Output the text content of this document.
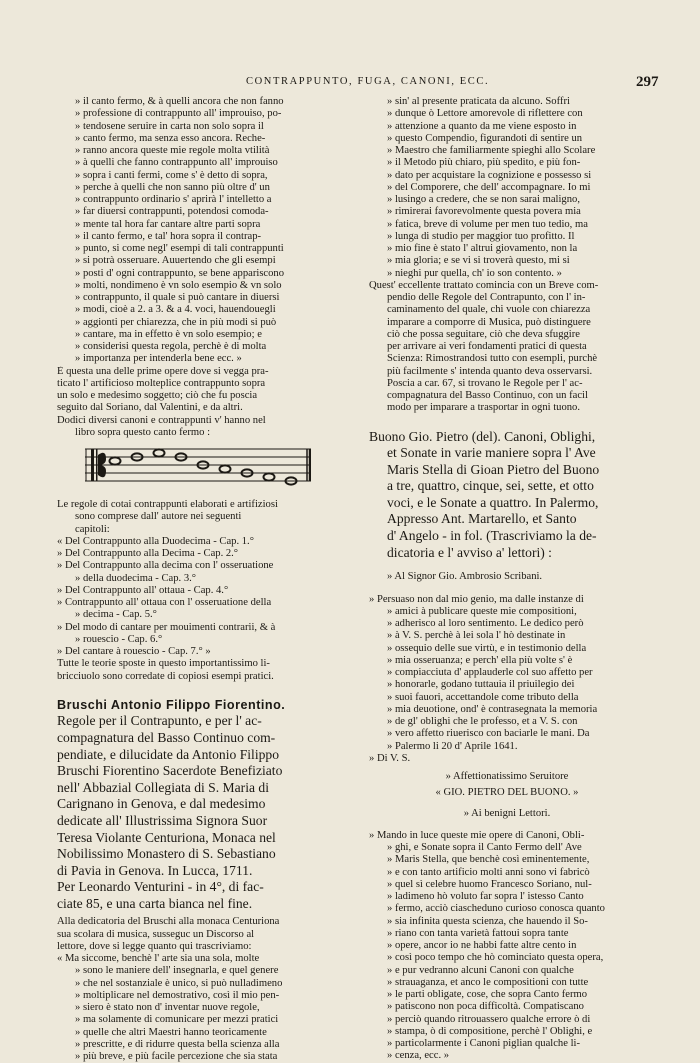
CONTRAPPUNTO, FUGA, CANONI, ECC.	297
» il canto fermo, & à quelli ancora che non fanno
» professione di contrappunto all' improuiso, po-
» tendosene seruire in carta non solo sopra il
» canto fermo, ma senza esso ancora. Reche-
» ranno ancora queste mie regole molta vtilità
» à quelli che fanno contrappunto all' improuiso
» sopra i canti fermi, come s' è detto di sopra,
» perche à quelli che non sanno più oltre d' un
» contrappunto ordinario s' aprirà l' intelletto a
» far diuersi contrappunti, potendosi comoda-
» mente tal hora far cantare altre parti sopra
» il canto fermo, e tal' hora sopra il contrap-
» punto, si come negl' esempi di tali contrappunti
» si potrà osseruare. Auuertendo che gli esempi
» posti d' ogni contrappunto, se bene appariscono
» molti, nondimeno è vn solo esempio & vn solo
» contrappunto, il quale si può cantare in diuersi
» modi, cioè a 2. a 3. & a 4. voci, hauendouegli
» aggionti per chiarezza, che in più modi si può
» cantare, ma in effetto è vn solo esempio; e
» considerisi questa regola, perchè è di molta
» importanza per intenderla bene ecc. »
È questa una delle prime opere dove si vegga pra-
ticato l' artificioso molteplice contrappunto sopra
un solo e medesimo soggetto; ciò che fu poscia
seguito dal Soriano, dal Valentini, e da altri.
Dodici diversi canoni e contrappunti v' hanno nel
libro sopra questo canto fermo :
Le regole di cotai contrappunti elaborati e artifiziosi
sono comprese dall' autore nei seguenti
capitoli:
« Del Contrappunto alla Duodecima - Cap. 1.°
» Del Contrappunto alla Decima - Cap. 2.°
» Del Contrappunto alla decima con l' osseruatione
» della duodecima - Cap. 3.°
» Del Contrappunto all' ottaua - Cap. 4.°
» Contrappunto all' ottaua con l' osseruatione della
» decima - Cap. 5.°
» Del modo di cantare per mouimenti contrarii, & à
» rouescio - Cap. 6.°
» Del cantare à rouescio - Cap. 7.° »
Tutte le teorie sposte in questo importantissimo li-
bricciuolo sono corredate di copiosi esempi pratici.
Bruschi Antonio Filippo Fiorentino.
Regole per il Contrapunto, e per l' ac-
compagnatura del Basso Continuo com-
pendiate, e dilucidate da Antonio Filippo
Bruschi Fiorentino Sacerdote Benefiziato
nell' Abbazial Collegiata di S. Maria di
Carignano in Genova, e dal medesimo
dedicate all' Illustrissima Signora Suor
Teresa Violante Centuriona, Monaca nel
Nobilissimo Monastero di S. Sebastiano
di Pavia in Genova. In Lucca, 1711.
Per Leonardo Venturini - in 4°, di fac-
ciate 85, e una carta bianca nel fine.
Alla dedicatoria del Bruschi alla monaca Centuriona
sua scolara di musica, susseguc un Discorso al
lettore, dove si legge quanto qui trascriviamo:
« Ma siccome, benchè l' arte sia una sola, molte
» sono le maniere dell' insegnarla, e quel genere
» che nel sostanziale è unico, si può nulladimeno
» moltiplicare nel demostrativo, così il mio pen-
» siero è stato non d' inventar nuove regole,
» ma solamente di comunicare per mezzi pratici
» quelle che altri Maestri hanno teoricamente
» prescritte, e di ridurre questa bella scienza alla
» più breve, e più facile percezione che sia stata
» sin' al presente praticata da alcuno. Soffri
» dunque ò Lettore amorevole di riflettere con
» attenzione a quanto da me viene esposto in
» questo Compendio, figurandoti di sentire un
» Maestro che familiarmente spieghi allo Scolare
» il Metodo più chiaro, più spedito, e più fon-
» dato per acquistare la cognizione e possesso si
» del Comporere, che dell' accompagnare. Io mi
» lusingo a credere, che se non sarai maligno,
» rimirerai favorevolmente questa povera mia
» fatica, breve di volume per men tuo tedio, ma
» lunga di studio per maggior tuo profitto. Il
» mio fine è stato l' altrui giovamento, non la
» mia gloria; e se vi si troverà questo, mi si
» nieghi pur quella, ch' io son contento. »
Quest' eccellente trattato comincia con un Breve com-
pendio delle Regole del Contrapunto, con l' in-
caminamento del quale, chi vuole con chiarezza
imparare a comporre di Musica, può distinguere
ciò che possa seguitare, ciò che deva sfuggire
per arrivare ai veri fondamenti pratici di questa
Scienza: Rimostrandosi tutto con esempli, purchè
più facilmente s' intenda quanto deva osservarsi.
Poscia a car. 67, si trovano le Regole per l' ac-
compagnatura del Basso Continuo, con un facil
modo per imparare a trasportar in ogni tuono.
Buono Gio. Pietro (del). Canoni, Oblighi,
et Sonate in varie maniere sopra l' Ave
Maris Stella di Gioan Pietro del Buono
a tre, quattro, cinque, sei, sette, et otto
voci, e le Sonate a quattro. In Palermo,
Appresso Ant. Martarello, et Santo
d' Angelo - in fol. (Trascriviamo la de-
dicatoria e l' avviso a' lettori) :
» Al Signor Gio. Ambrosio Scribani.
» Persuaso non dal mio genio, ma dalle instanze di
» amici à publicare queste mie compositioni,
» adherisco al loro sentimento. Le dedico però
» à V. S. perchè à lei sola l' hò destinate in
» ossequio delle sue virtù, e in testimonio della
» mia osseruanza; e perch' ella più volte s' è
» compiacciuta d' applauderle col suo affetto per
» honorarle, godano tuttauia il priuilegio dei
» suoi fauori, accettandole come tributo della
» mia deuotione, ond' è contrasegnata la memoria
» de gl' oblighi che le professo, et a V. S. con
» vero affetto riuerisco con baciarle le mani. Da
» Palermo li 20 d' Aprile 1641.
» Di V. S.
» Affettionatissimo Seruitore
« GIO. PIETRO DEL BUONO. »
» Ai benigni Lettori.
» Mando in luce queste mie opere di Canoni, Obli-
» ghi, e Sonate sopra il Canto Fermo dell' Ave
» Maris Stella, que benchè così eminentemente,
» e con tanto artificio molti anni sono vi fabricò
» quel sì celebre huomo Francesco Soriano, nul-
» ladimeno hò voluto far sopra l' istesso Canto
» fermo, acciò ciascheduno curioso conosca quanto
» sia infinita questa scienza, che hauendo il So-
» riano con tanta varietà fattoui sopra tante
» opere, ancor io ne habbi fatte altre cento in
» così poco tempo che hò cominciato questa opera,
» e pur vedranno alcuni Canoni con qualche
» strauaganza, et anco le compositioni con tutte
» le parti obligate, cose, che sopra Canto fermo
» patiscono non poca difficoltà. Compatiscano
» perciò quando ritrouassero qualche errore ò di
» stampa, ò di compositione, perchè l' Oblighi, e
» particolarmente i Canoni piglian qualche li-
» cenza, ecc. »
